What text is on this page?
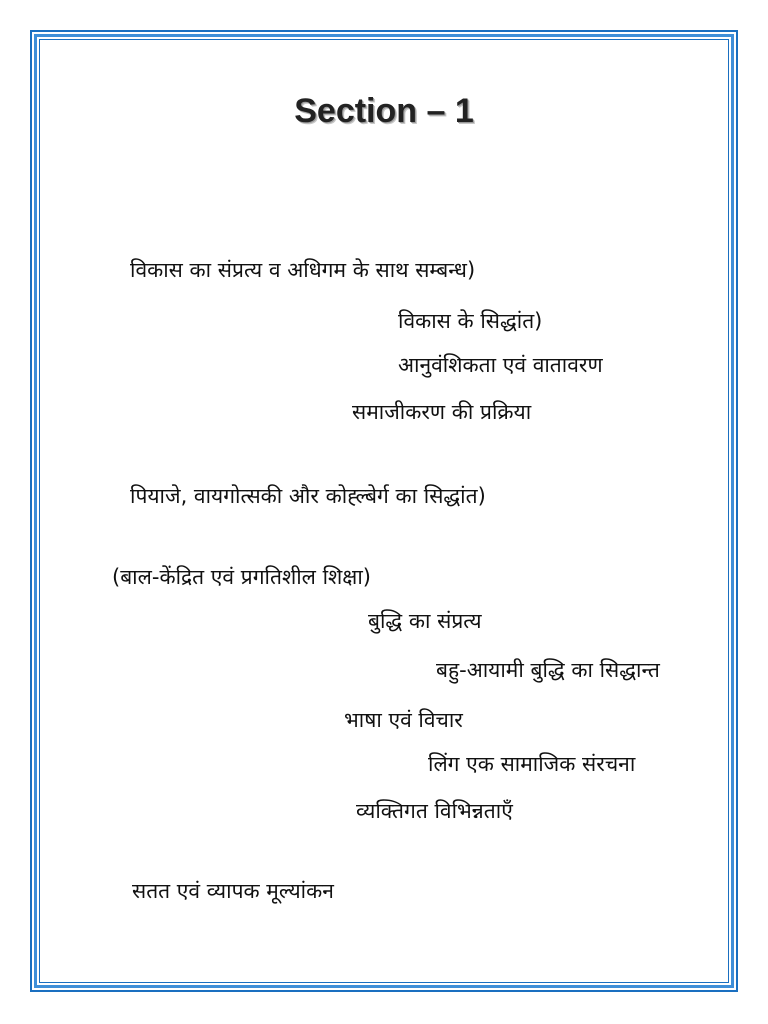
Section – 1
विकास का संप्रत्य व अधिगम के साथ सम्बन्ध)
विकास के सिद्धांत)
आनुवंशिकता एवं वातावरण
समाजीकरण की प्रक्रिया
पियाजे, वायगोत्सकी और कोह्ल्बेर्ग का सिद्धांत)
(बाल-केंद्रित एवं प्रगतिशील शिक्षा)
बुद्धि का संप्रत्य
बहु-आयामी बुद्धि का सिद्धान्त
भाषा एवं विचार
लिंग एक सामाजिक संरचना
व्यक्तिगत विभिन्नताएँ
सतत एवं व्यापक मूल्यांकन
